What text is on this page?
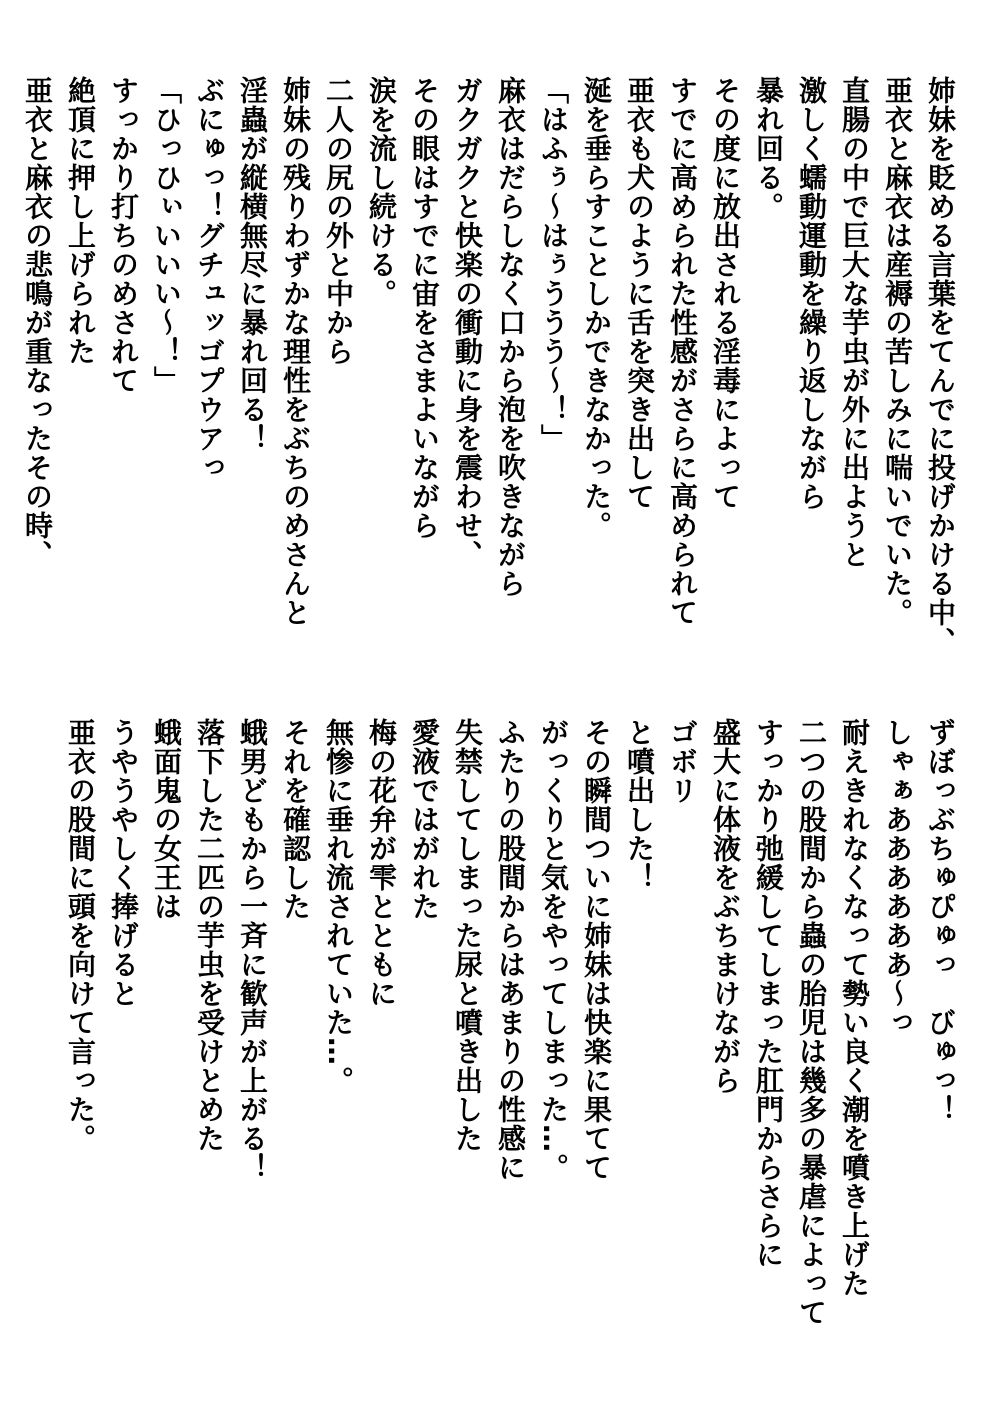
姉妹を貶める言葉をてんでに投げかける中、
亜衣と麻衣は産褥の苦しみに喘いでいた。
直腸の中で巨大な芋虫が外に出ようと
激しく蠕動運動を繰り返しながら
暴れ回る。
その度に放出される淫毒によって
すでに高められた性感がさらに高められて
亜衣も犬のように舌を突き出して
涎を垂らすことしかできなかった。
「はふぅ～はぅううう～！」
麻衣はだらしなく口から泡を吹きながら
ガクガクと快楽の衝動に身を震わせ、
その眼はすでに宙をさまよいながら
涙を流し続ける。
二人の尻の外と中から
姉妹の残りわずかな理性をぶちのめさんと
淫蟲が縦横無尽に暴れ回る！
ぶにゅっ！グチュッゴプウアっ
「ひっひぃいいい～！」
すっかり打ちのめされて
絶頂に押し上げられた
亜衣と麻衣の悲鳴が重なったその時、
ずぼっぶちゅぴゅっ　びゅっ！
しゃぁああああああ～っ
耐えきれなくなって勢い良く潮を噴き上げた
二つの股間から蟲の胎児は幾多の暴虐によって
すっかり弛緩してしまった肛門からさらに
盛大に体液をぶちまけながら
ゴボリ
と噴出した！
その瞬間ついに姉妹は快楽に果てて
がっくりと気をやってしまった…。
ふたりの股間からはあまりの性感に
失禁してしまった尿と噴き出した
愛液ではがれた
梅の花弁が雫とともに
無惨に垂れ流されていた…。
それを確認した
蛾男どもから一斉に歓声が上がる！
落下した二匹の芋虫を受けとめた
蛾面鬼の女王は
うやうやしく捧げると
亜衣の股間に頭を向けて言った。
